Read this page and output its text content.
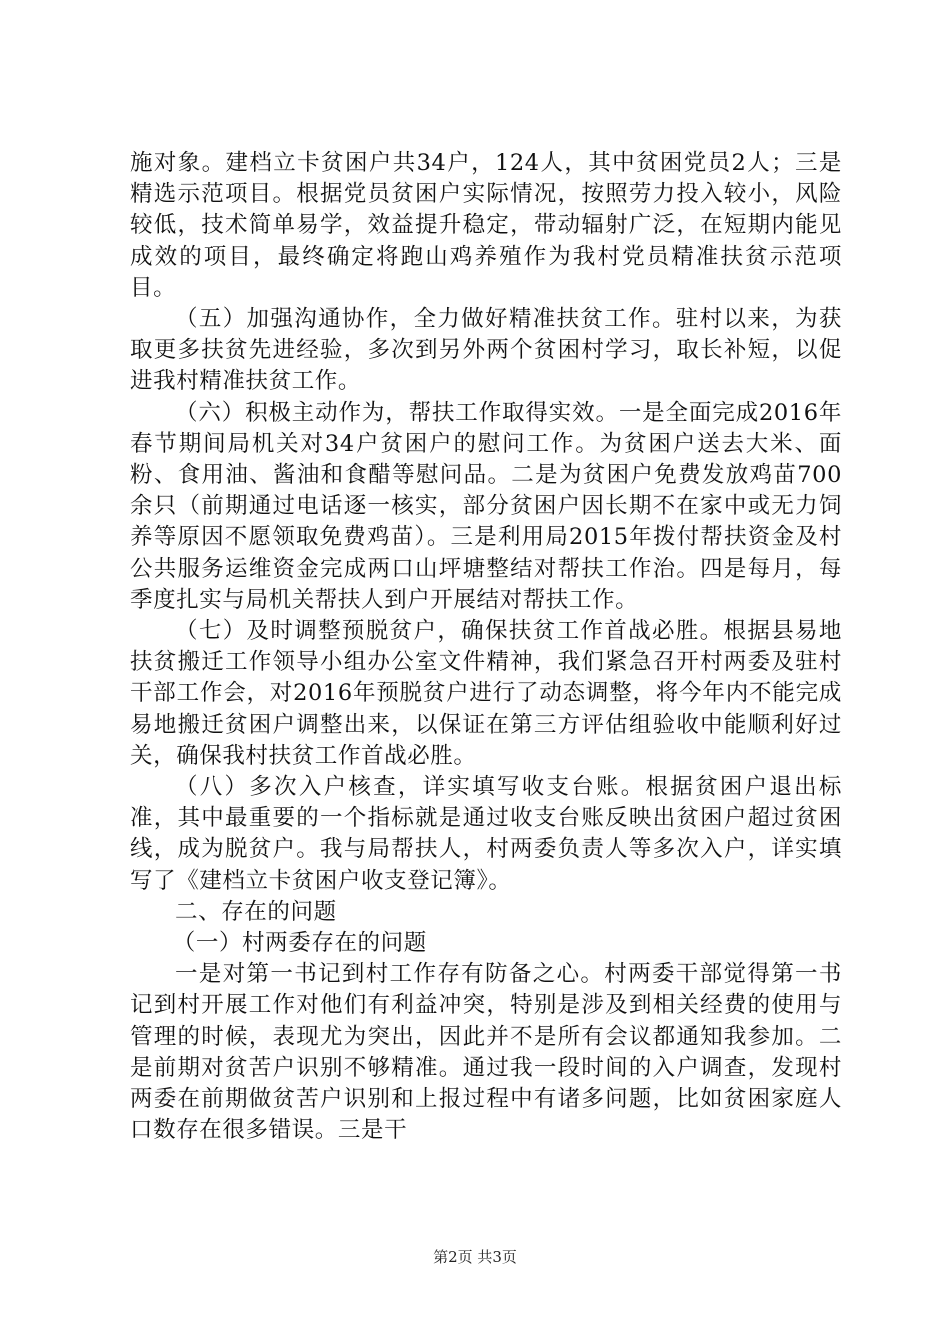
施对象。建档立卡贫困户共34户，124人，其中贫困党员2人；三是精选示范项目。根据党员贫困户实际情况，按照劳力投入较小，风险较低，技术简单易学，效益提升稳定，带动辐射广泛，在短期内能见成效的项目，最终确定将跑山鸡养殖作为我村党员精准扶贫示范项目。

（五）加强沟通协作，全力做好精准扶贫工作。驻村以来，为获取更多扶贫先进经验，多次到另外两个贫困村学习，取长补短，以促进我村精准扶贫工作。

（六）积极主动作为，帮扶工作取得实效。一是全面完成2016年春节期间局机关对34户贫困户的慰问工作。为贫困户送去大米、面粉、食用油、酱油和食醋等慰问品。二是为贫困户免费发放鸡苗700余只（前期通过电话逐一核实，部分贫困户因长期不在家中或无力饲养等原因不愿领取免费鸡苗）。三是利用局2015年拨付帮扶资金及村公共服务运维资金完成两口山坪塘整结对帮扶工作治。四是每月，每季度扎实与局机关帮扶人到户开展结对帮扶工作。

（七）及时调整预脱贫户，确保扶贫工作首战必胜。根据县易地扶贫搬迁工作领导小组办公室文件精神，我们紧急召开村两委及驻村干部工作会，对2016年预脱贫户进行了动态调整，将今年内不能完成易地搬迁贫困户调整出来，以保证在第三方评估组验收中能顺利好过关，确保我村扶贫工作首战必胜。

（八）多次入户核查，详实填写收支台账。根据贫困户退出标准，其中最重要的一个指标就是通过收支台账反映出贫困户超过贫困线，成为脱贫户。我与局帮扶人，村两委负责人等多次入户，详实填写了《建档立卡贫困户收支登记簿》。

二、存在的问题

（一）村两委存在的问题

一是对第一书记到村工作存有防备之心。村两委干部觉得第一书记到村开展工作对他们有利益冲突，特别是涉及到相关经费的使用与管理的时候，表现尤为突出，因此并不是所有会议都通知我参加。二是前期对贫苦户识别不够精准。通过我一段时间的入户调查，发现村两委在前期做贫苦户识别和上报过程中有诸多问题，比如贫困家庭人口数存在很多错误。三是干

第2页 共3页
